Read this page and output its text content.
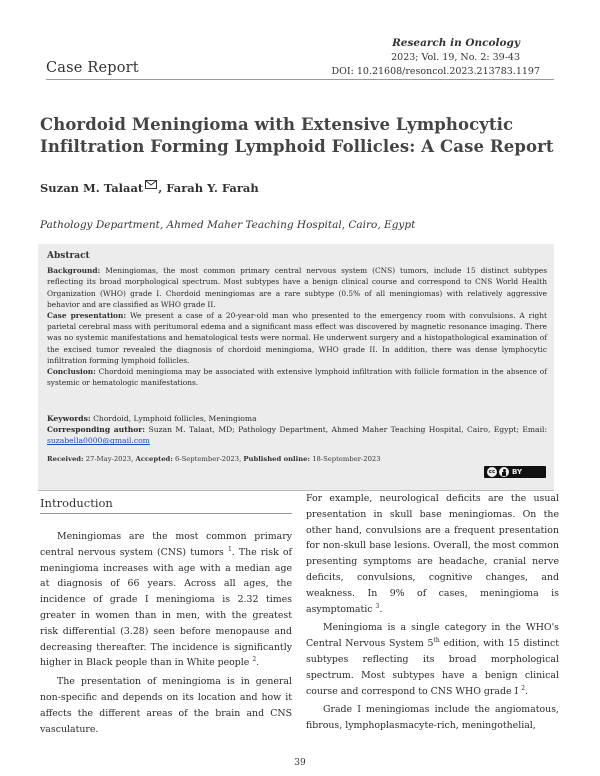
Research in Oncology
2023; Vol. 19, No. 2: 39-43
DOI: 10.21608/resoncol.2023.213783.1197
Case Report
Chordoid Meningioma with Extensive Lymphocytic Infiltration Forming Lymphoid Follicles: A Case Report
Suzan M. Talaat , Farah Y. Farah
Pathology Department, Ahmed Maher Teaching Hospital, Cairo, Egypt
Abstract

Background: Meningiomas, the most common primary central nervous system (CNS) tumors, include 15 distinct subtypes reflecting its broad morphological spectrum. Most subtypes have a benign clinical course and correspond to CNS World Health Organization (WHO) grade I. Chordoid meningiomas are a rare subtype (0.5% of all meningiomas) with relatively aggressive behavior and are classified as WHO grade II.

Case presentation: We present a case of a 20-year-old man who presented to the emergency room with convulsions. A right parietal cerebral mass with peritumoral edema and a significant mass effect was discovered by magnetic resonance imaging. There was no systemic manifestations and hematological tests were normal. He underwent surgery and a histopathological examination of the excised tumor revealed the diagnosis of chordoid meningioma, WHO grade II. In addition, there was dense lymphocytic infiltration forming lymphoid follicles.

Conclusion: Chordoid meningioma may be associated with extensive lymphoid infiltration with follicle formation in the absence of systemic or hematologic manifestations.

Keywords: Chordoid, Lymphoid follicles, Meningioma

Corresponding author: Suzan M. Talaat, MD; Pathology Department, Ahmed Maher Teaching Hospital, Cairo, Egypt; Email: suzabella0000@gmail.com

Received: 27-May-2023, Accepted: 6-September-2023, Published online: 18-September-2023
cc BY
Introduction

Meningiomas are the most common primary central nervous system (CNS) tumors $^1$. The risk of meningioma increases with age with a median age at diagnosis of 66 years. Across all ages, the incidence of grade I meningioma is 2.32 times greater in women than in men, with the greatest risk differential (3.28) seen before menopause and decreasing thereafter. The incidence is significantly higher in Black people than in White people $^2$.

The presentation of meningioma is in general non-specific and depends on its location and how it affects the different areas of the brain and CNS vasculature.

For example, neurological deficits are the usual presentation in skull base meningiomas. On the other hand, convulsions are a frequent presentation for non-skull base lesions. Overall, the most common presenting symptoms are headache, cranial nerve deficits, convulsions, cognitive changes, and weakness. In 9% of cases, meningioma is asymptomatic $^3$.

Meningioma is a single category in the WHO's Central Nervous System 5th edition, with 15 distinct subtypes reflecting its broad morphological spectrum. Most subtypes have a benign clinical course and correspond to CNS WHO grade I $^2$.

Grade I meningiomas include the angiomatous, fibrous, lymphoplasmacyte-rich, meningothelial,

39
